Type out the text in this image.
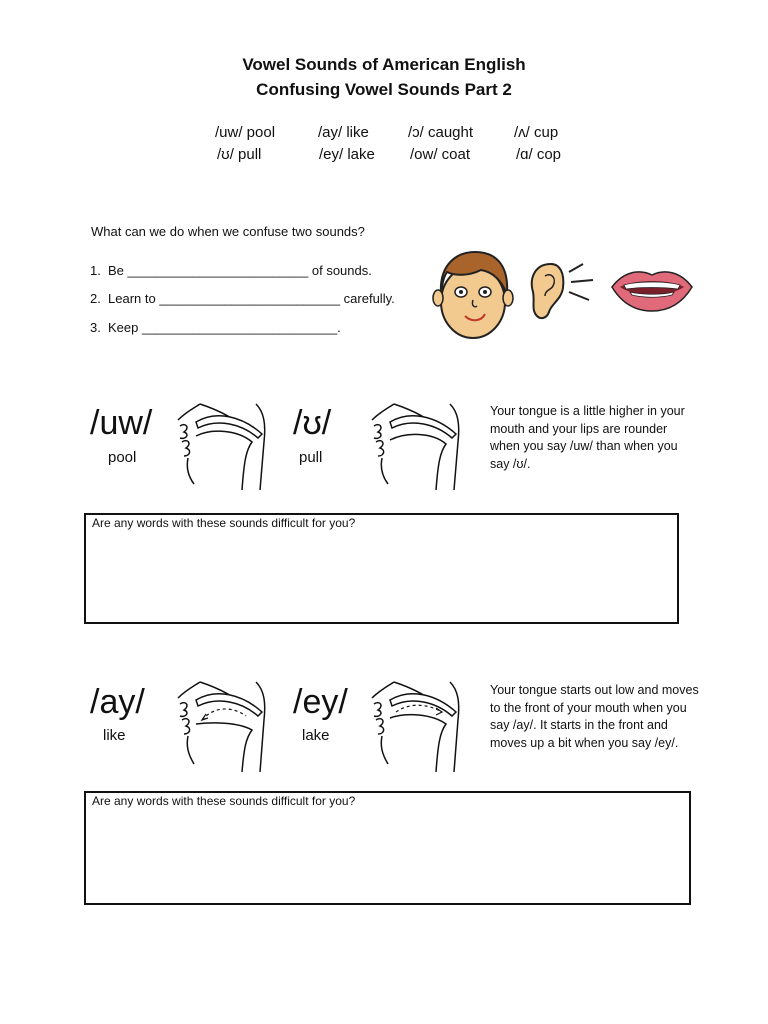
Vowel Sounds of American English
Confusing Vowel Sounds Part 2
/uw/ pool	/ay/ like	/ɔ/ caught	/ʌ/ cup
/ʊ/ pull	/ey/ lake /ow/ coat	/ɑ/ cop
What can we do when we confuse two sounds?
1. Be _________________________ of sounds.
2. Learn to _________________________ carefully.
3. Keep ___________________________.
/uw/
pool
/ʊ/
pull
Your tongue is a little higher in your mouth and your lips are rounder when you say /uw/ than when you say /ʊ/.
Are any words with these sounds difficult for you?
/ay/
like
/ey/
lake
Your tongue starts out low and moves to the front of your mouth when you say /ay/. It starts in the front and moves up a bit when you say /ey/.
Are any words with these sounds difficult for you?
